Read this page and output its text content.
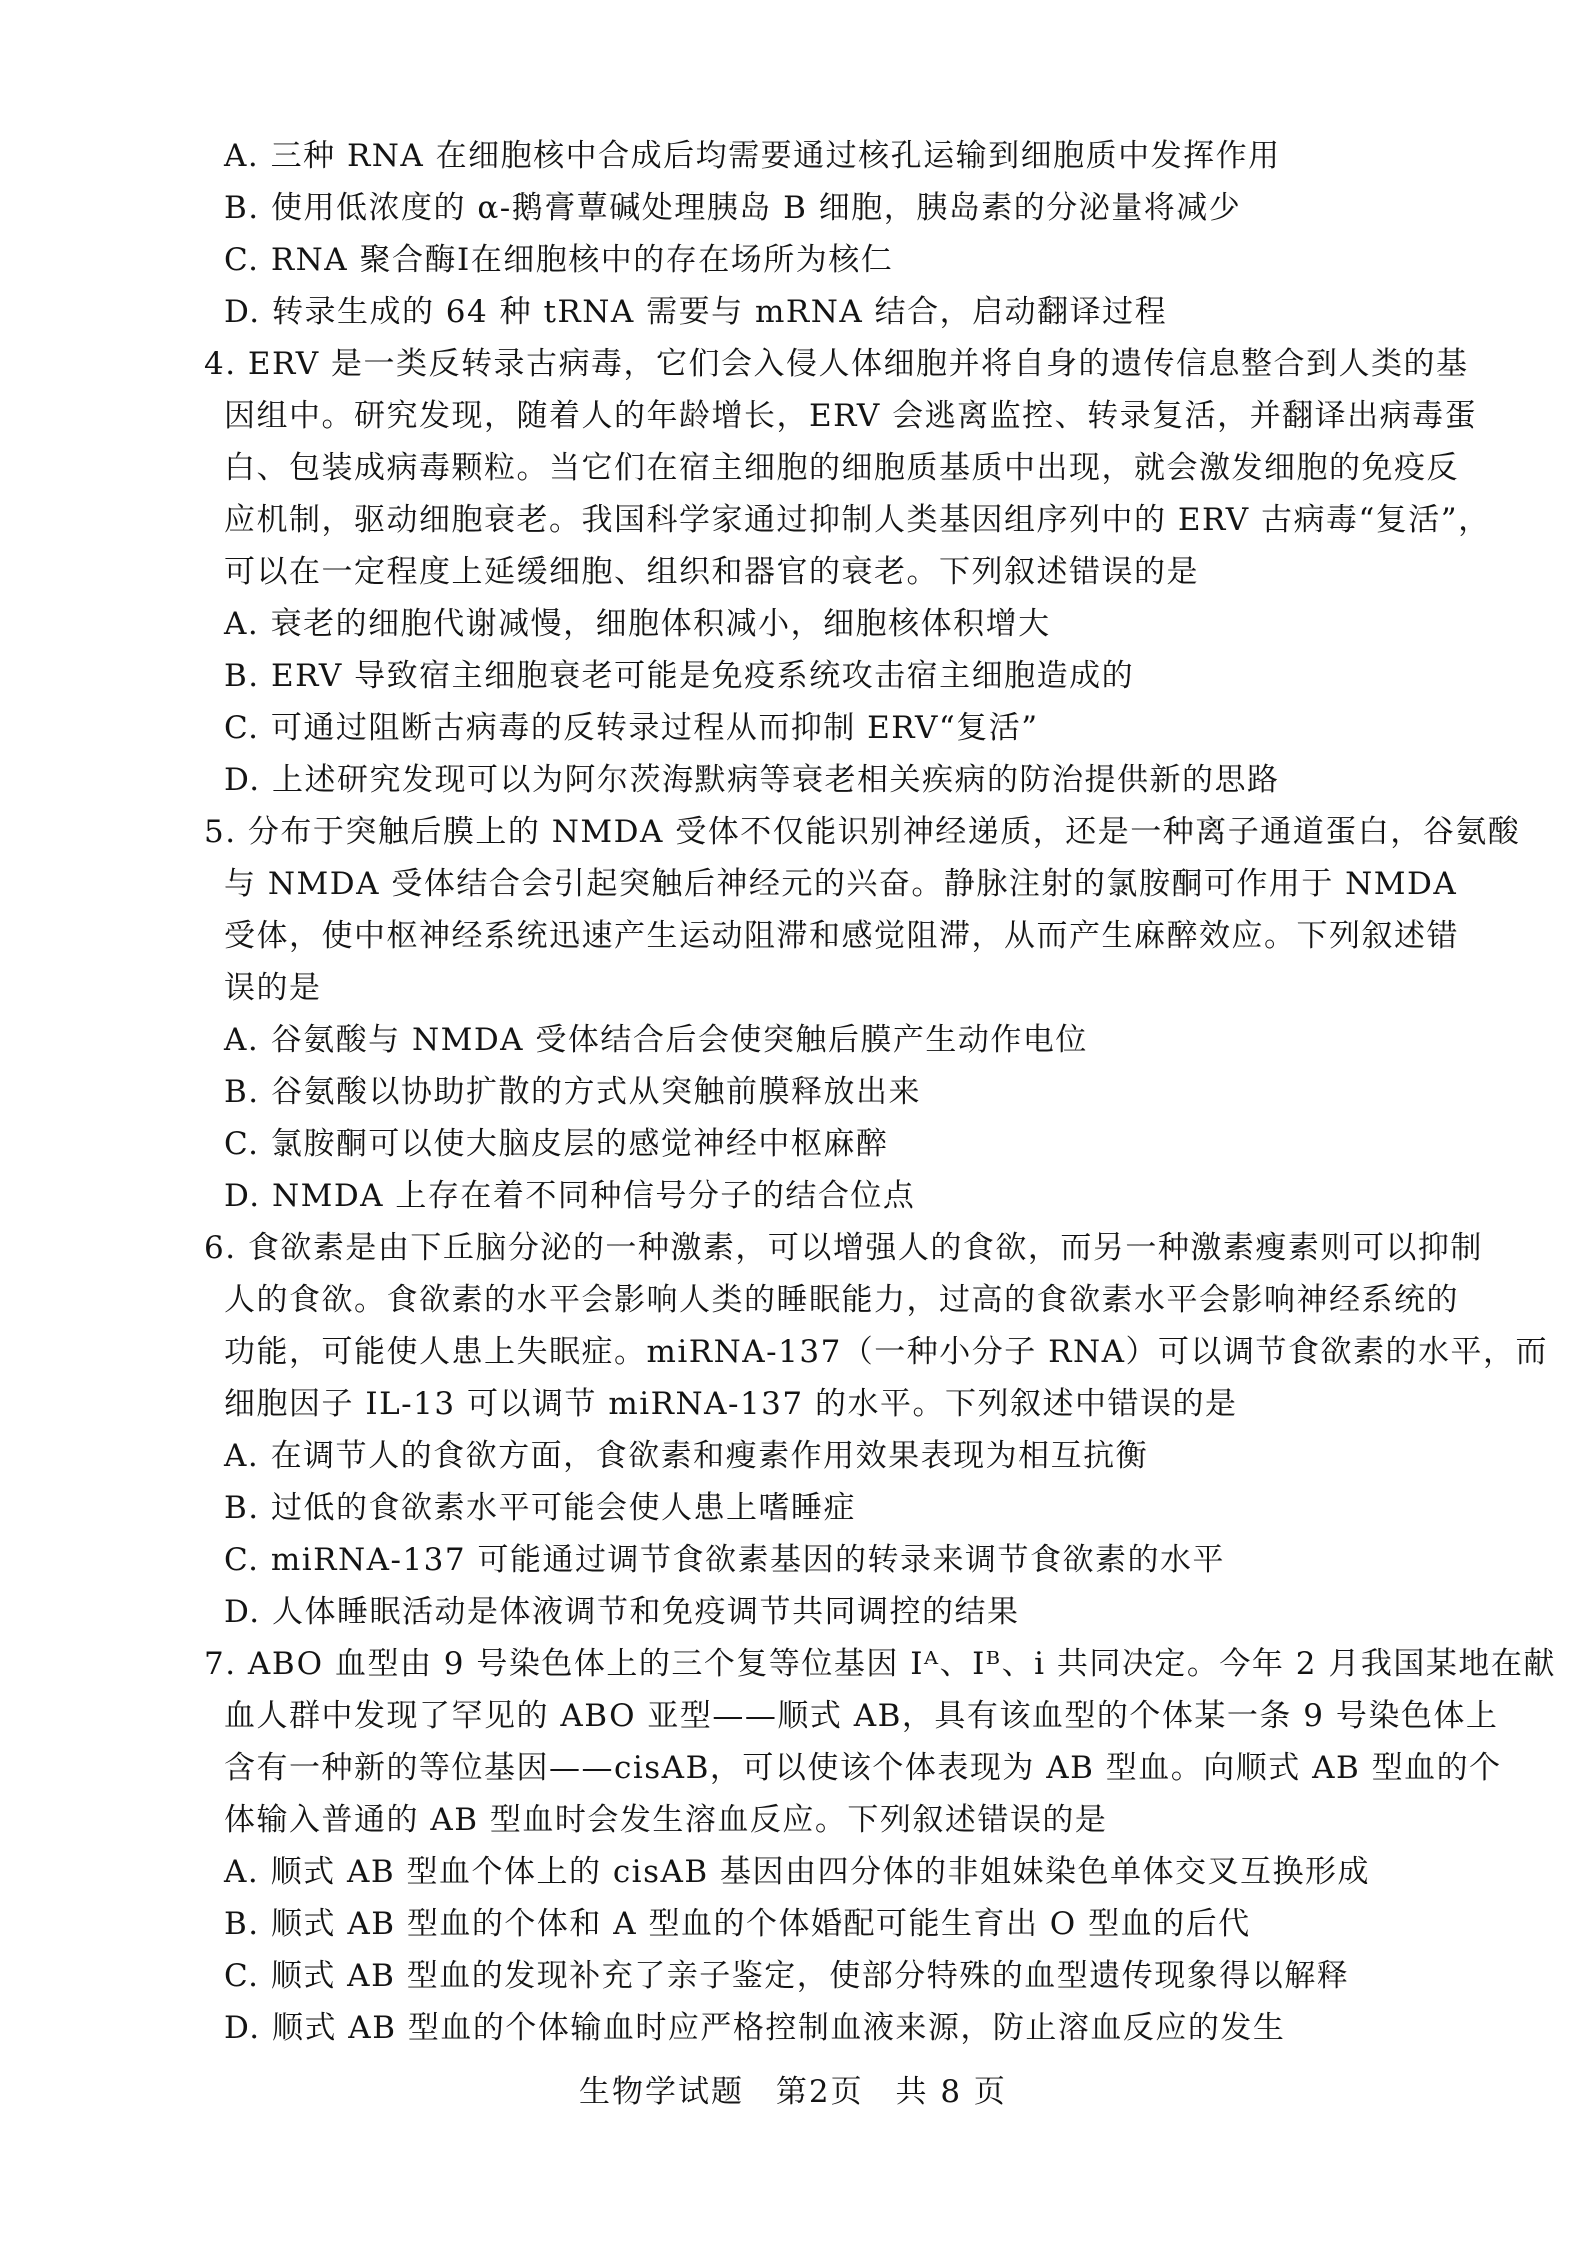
A. 三种 RNA 在细胞核中合成后均需要通过核孔运输到细胞质中发挥作用
B. 使用低浓度的 α-鹅膏蕈碱处理胰岛 B 细胞，胰岛素的分泌量将减少
C. RNA 聚合酶Ⅰ在细胞核中的存在场所为核仁
D. 转录生成的 64 种 tRNA 需要与 mRNA 结合，启动翻译过程
4. ERV 是一类反转录古病毒，它们会入侵人体细胞并将自身的遗传信息整合到人类的基
因组中。研究发现，随着人的年龄增长，ERV 会逃离监控、转录复活，并翻译出病毒蛋
白、包装成病毒颗粒。当它们在宿主细胞的细胞质基质中出现，就会激发细胞的免疫反
应机制，驱动细胞衰老。我国科学家通过抑制人类基因组序列中的 ERV 古病毒“复活”，
可以在一定程度上延缓细胞、组织和器官的衰老。下列叙述错误的是
A. 衰老的细胞代谢减慢，细胞体积减小，细胞核体积增大
B. ERV 导致宿主细胞衰老可能是免疫系统攻击宿主细胞造成的
C. 可通过阻断古病毒的反转录过程从而抑制 ERV“复活”
D. 上述研究发现可以为阿尔茨海默病等衰老相关疾病的防治提供新的思路
5. 分布于突触后膜上的 NMDA 受体不仅能识别神经递质，还是一种离子通道蛋白，谷氨酸
与 NMDA 受体结合会引起突触后神经元的兴奋。静脉注射的氯胺酮可作用于 NMDA
受体，使中枢神经系统迅速产生运动阻滞和感觉阻滞，从而产生麻醉效应。下列叙述错
误的是
A. 谷氨酸与 NMDA 受体结合后会使突触后膜产生动作电位
B. 谷氨酸以协助扩散的方式从突触前膜释放出来
C. 氯胺酮可以使大脑皮层的感觉神经中枢麻醉
D. NMDA 上存在着不同种信号分子的结合位点
6. 食欲素是由下丘脑分泌的一种激素，可以增强人的食欲，而另一种激素瘦素则可以抑制
人的食欲。食欲素的水平会影响人类的睡眠能力，过高的食欲素水平会影响神经系统的
功能，可能使人患上失眠症。miRNA-137（一种小分子 RNA）可以调节食欲素的水平，而
细胞因子 IL-13 可以调节 miRNA-137 的水平。下列叙述中错误的是
A. 在调节人的食欲方面，食欲素和瘦素作用效果表现为相互抗衡
B. 过低的食欲素水平可能会使人患上嗜睡症
C. miRNA-137 可能通过调节食欲素基因的转录来调节食欲素的水平
D. 人体睡眠活动是体液调节和免疫调节共同调控的结果
7. ABO 血型由 9 号染色体上的三个复等位基因 Iᴬ、Iᴮ、i 共同决定。今年 2 月我国某地在献
血人群中发现了罕见的 ABO 亚型——顺式 AB，具有该血型的个体某一条 9 号染色体上
含有一种新的等位基因——cisAB，可以使该个体表现为 AB 型血。向顺式 AB 型血的个
体输入普通的 AB 型血时会发生溶血反应。下列叙述错误的是
A. 顺式 AB 型血个体上的 cisAB 基因由四分体的非姐妹染色单体交叉互换形成
B. 顺式 AB 型血的个体和 A 型血的个体婚配可能生育出 O 型血的后代
C. 顺式 AB 型血的发现补充了亲子鉴定，使部分特殊的血型遗传现象得以解释
D. 顺式 AB 型血的个体输血时应严格控制血液来源，防止溶血反应的发生
生物学试题 第2页 共 8 页
